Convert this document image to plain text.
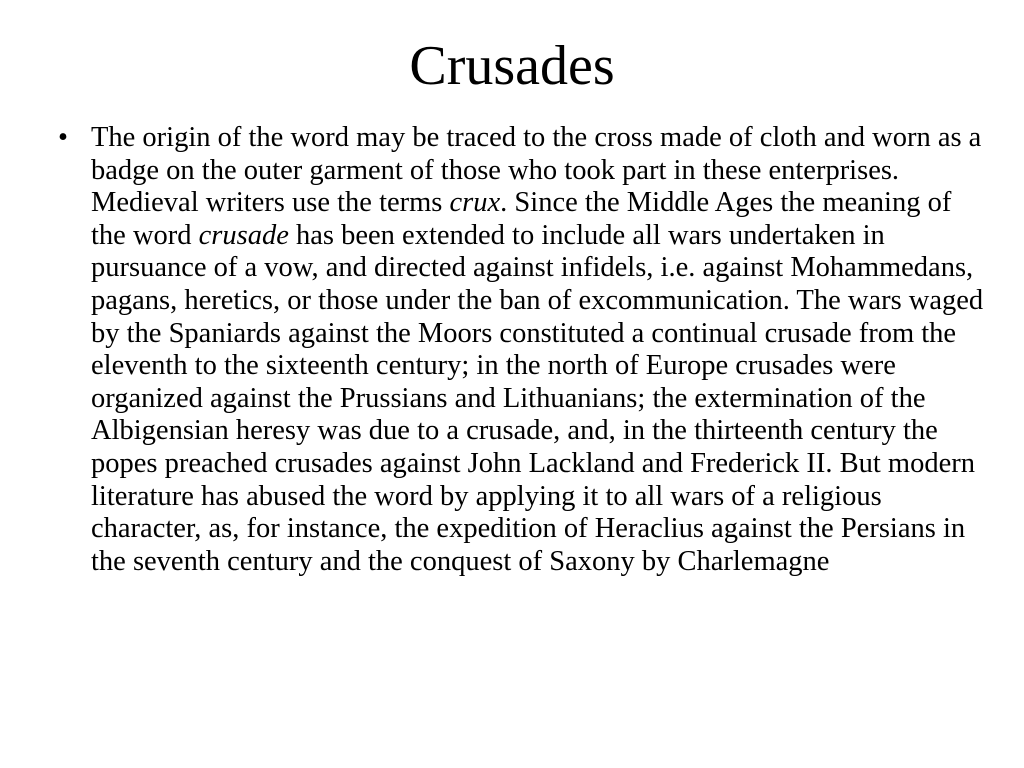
Crusades
• The origin of the word may be traced to the cross made of cloth and worn as a badge on the outer garment of those who took part in these enterprises. Medieval writers use the terms crux. Since the Middle Ages the meaning of the word crusade has been extended to include all wars undertaken in pursuance of a vow, and directed against infidels, i.e. against Mohammedans, pagans, heretics, or those under the ban of excommunication. The wars waged by the Spaniards against the Moors constituted a continual crusade from the eleventh to the sixteenth century; in the north of Europe crusades were organized against the Prussians and Lithuanians; the extermination of the Albigensian heresy was due to a crusade, and, in the thirteenth century the popes preached crusades against John Lackland and Frederick II. But modern literature has abused the word by applying it to all wars of a religious character, as, for instance, the expedition of Heraclius against the Persians in the seventh century and the conquest of Saxony by Charlemagne
